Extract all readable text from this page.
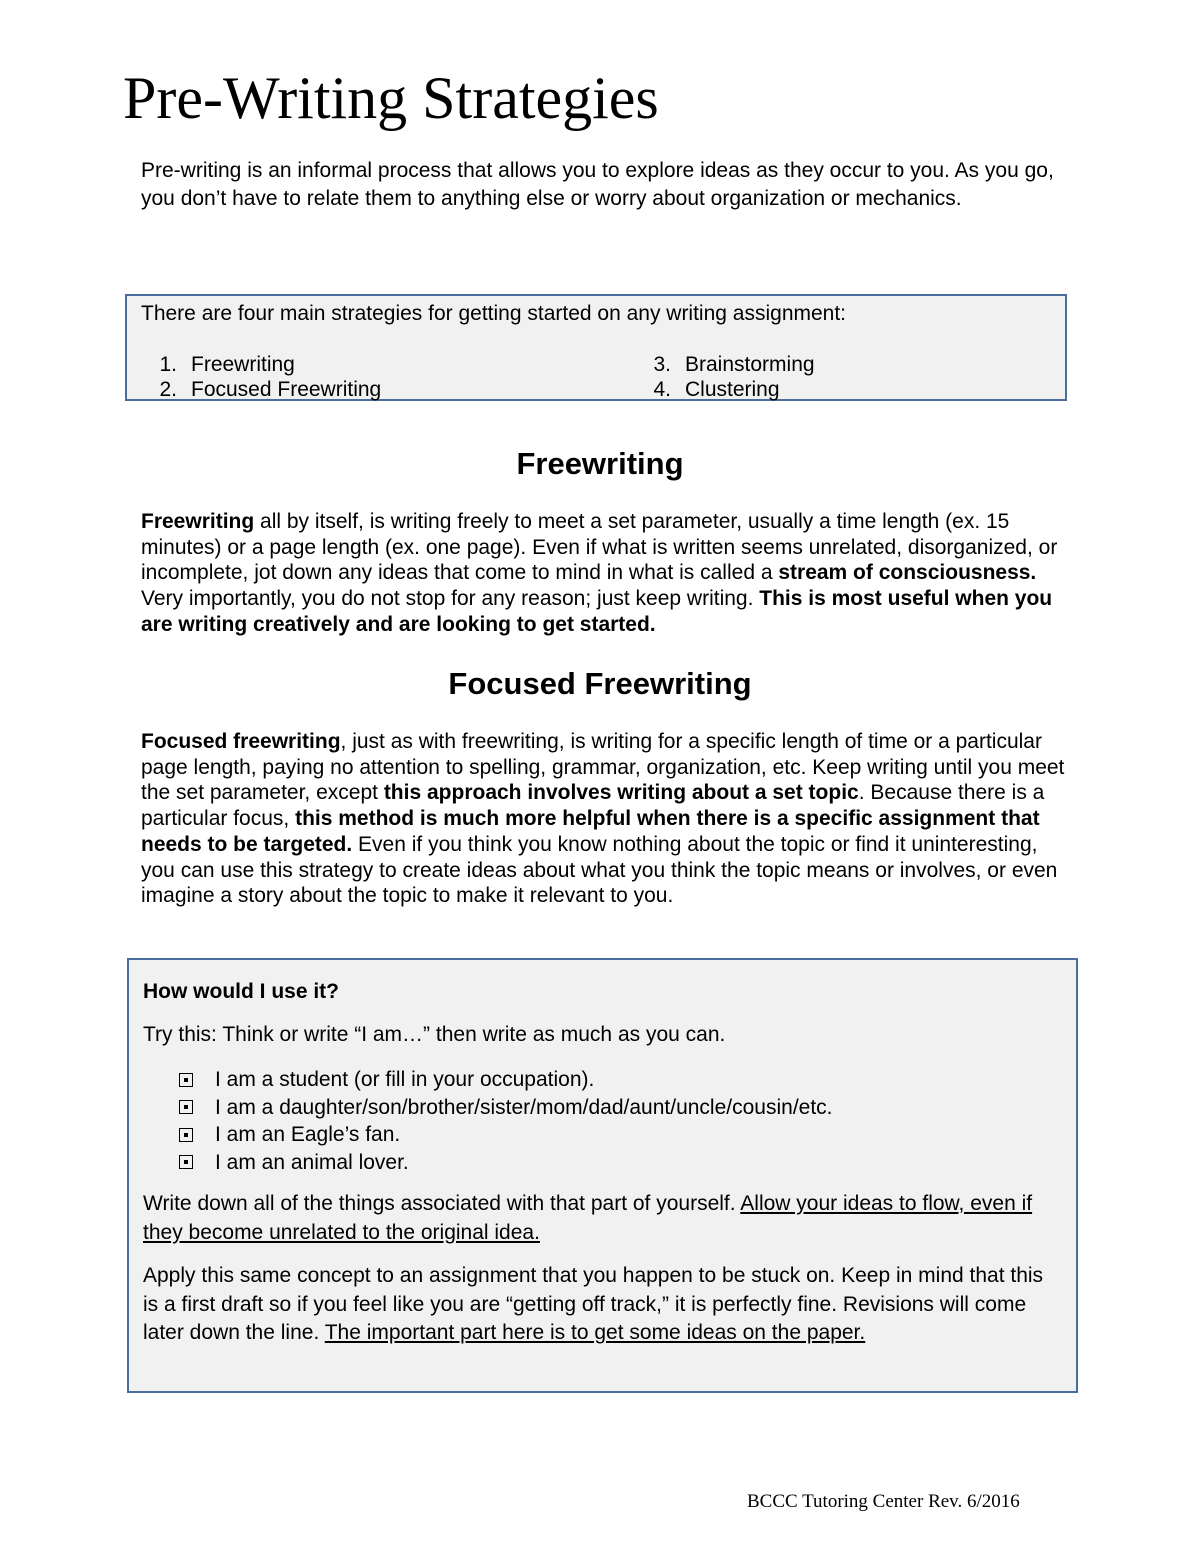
Pre-Writing Strategies

Pre-writing is an informal process that allows you to explore ideas as they occur to you. As you go, you don’t have to relate them to anything else or worry about organization or mechanics.

There are four main strategies for getting started on any writing assignment:

1. Freewriting
2. Focused Freewriting
3. Brainstorming
4. Clustering
Freewriting

Freewriting all by itself, is writing freely to meet a set parameter, usually a time length (ex. 15 minutes) or a page length (ex. one page). Even if what is written seems unrelated, disorganized, or incomplete, jot down any ideas that come to mind in what is called a stream of consciousness. Very importantly, you do not stop for any reason; just keep writing. This is most useful when you are writing creatively and are looking to get started.

Focused Freewriting

Focused freewriting, just as with freewriting, is writing for a specific length of time or a particular page length, paying no attention to spelling, grammar, organization, etc. Keep writing until you meet the set parameter, except this approach involves writing about a set topic. Because there is a particular focus, this method is much more helpful when there is a specific assignment that needs to be targeted. Even if you think you know nothing about the topic or find it uninteresting, you can use this strategy to create ideas about what you think the topic means or involves, or even imagine a story about the topic to make it relevant to you.

How would I use it?

Try this: Think or write “I am…” then write as much as you can.

I am a student (or fill in your occupation).
I am a daughter/son/brother/sister/mom/dad/aunt/uncle/cousin/etc.
I am an Eagle’s fan.
I am an animal lover.

Write down all of the things associated with that part of yourself. Allow your ideas to flow, even if they become unrelated to the original idea.

Apply this same concept to an assignment that you happen to be stuck on. Keep in mind that this is a first draft so if you feel like you are “getting off track,” it is perfectly fine. Revisions will come later down the line. The important part here is to get some ideas on the paper.

BCCC Tutoring Center Rev. 6/2016
